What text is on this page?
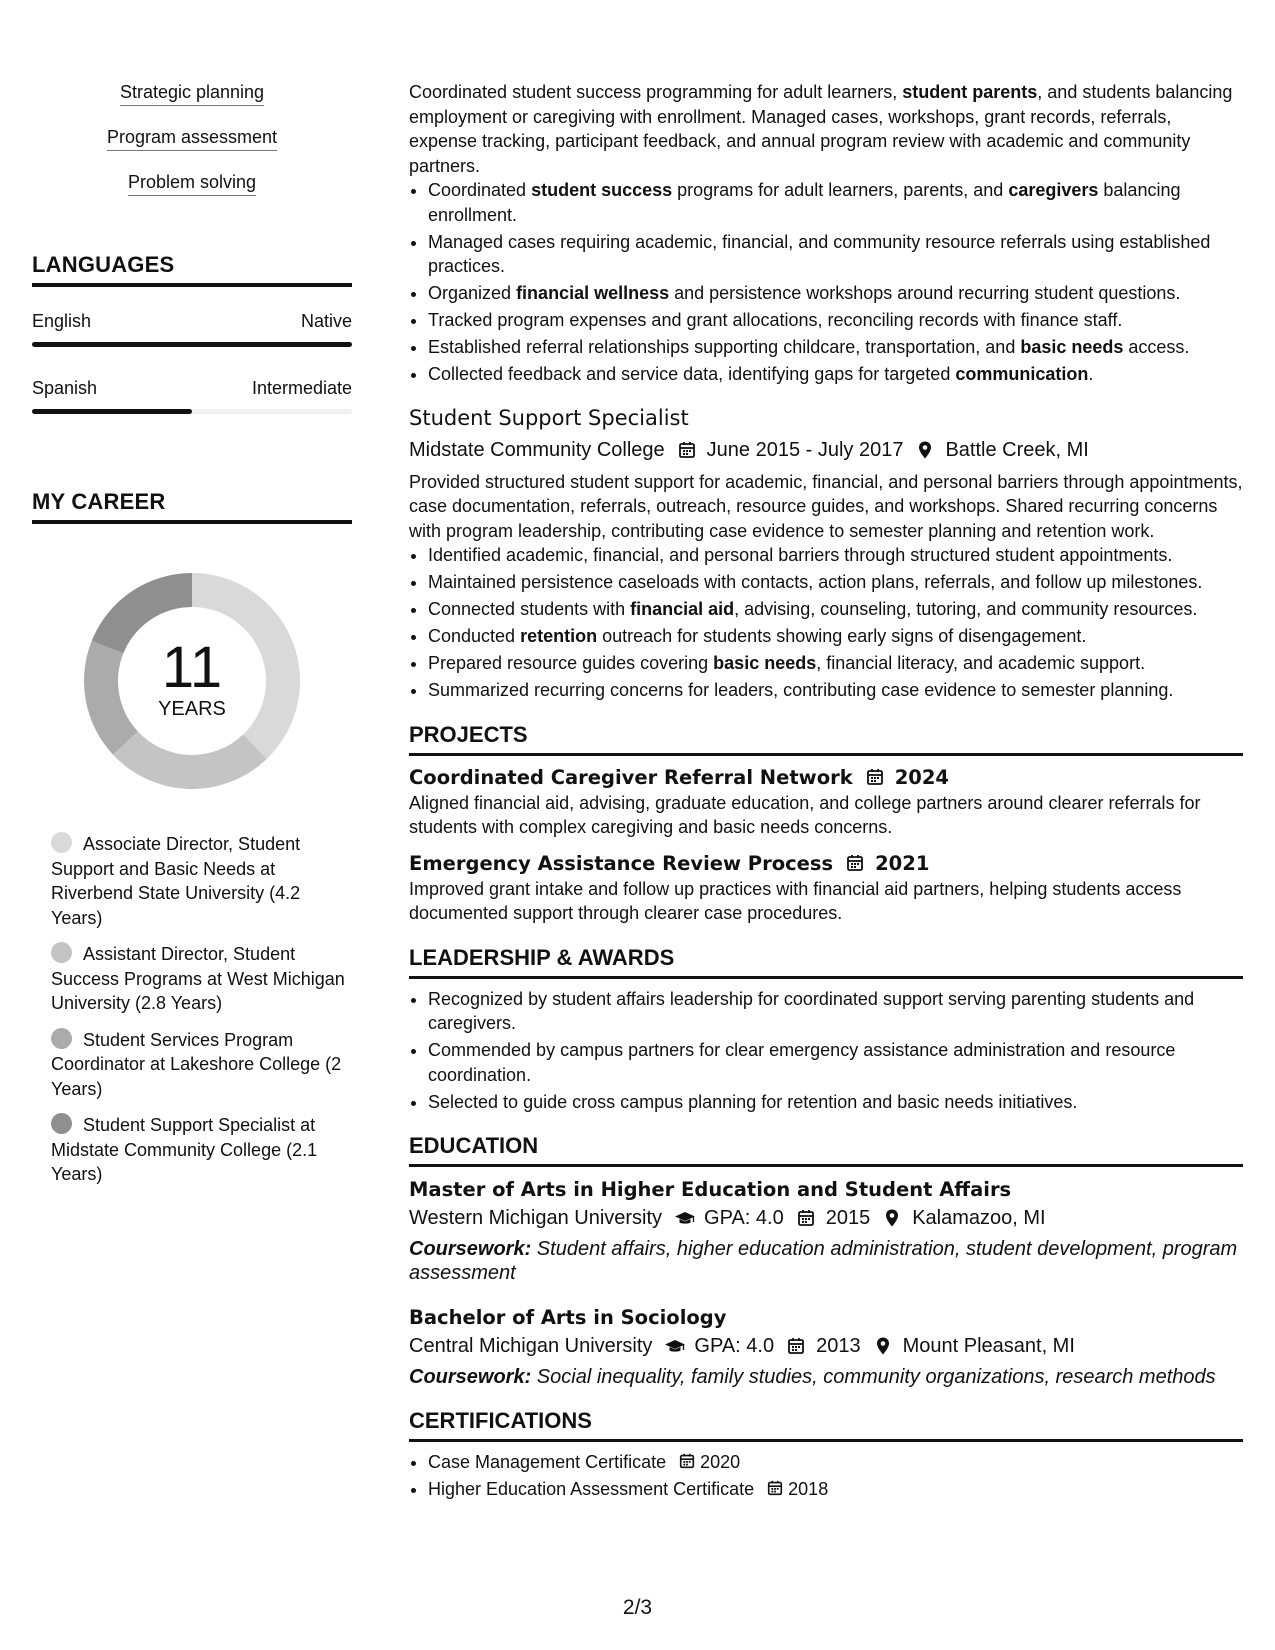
Strategic planning
Program assessment
Problem solving
LANGUAGES
English	Native
Spanish	Intermediate
MY CAREER
11
YEARS
Associate Director, Student Support and Basic Needs at Riverbend State University (4.2 Years)
Assistant Director, Student Success Programs at West Michigan University (2.8 Years)
Student Services Program Coordinator at Lakeshore College (2 Years)
Student Support Specialist at Midstate Community College (2.1 Years)

Coordinated student success programming for adult learners, student parents, and students balancing employment or caregiving with enrollment. Managed cases, workshops, grant records, referrals, expense tracking, participant feedback, and annual program review with academic and community partners.

• Coordinated student success programs for adult learners, parents, and caregivers balancing enrollment.
• Managed cases requiring academic, financial, and community resource referrals using established practices.
• Organized financial wellness and persistence workshops around recurring student questions.
• Tracked program expenses and grant allocations, reconciling records with finance staff.
• Established referral relationships supporting childcare, transportation, and basic needs access.
• Collected feedback and service data, identifying gaps for targeted communication.
Student Support Specialist
Midstate Community College June 2015 - July 2017 Battle Creek, MI

Provided structured student support for academic, financial, and personal barriers through appointments, case documentation, referrals, outreach, resource guides, and workshops. Shared recurring concerns with program leadership, contributing case evidence to semester planning and retention work.

• Identified academic, financial, and personal barriers through structured student appointments.
• Maintained persistence caseloads with contacts, action plans, referrals, and follow up milestones.
• Connected students with financial aid, advising, counseling, tutoring, and community resources.
• Conducted retention outreach for students showing early signs of disengagement.
• Prepared resource guides covering basic needs, financial literacy, and academic support.
• Summarized recurring concerns for leaders, contributing case evidence to semester planning.
PROJECTS
Coordinated Caregiver Referral Network 2024

Aligned financial aid, advising, graduate education, and college partners around clearer referrals for students with complex caregiving and basic needs concerns.

Emergency Assistance Review Process 2021

Improved grant intake and follow up practices with financial aid partners, helping students access documented support through clearer case procedures.

LEADERSHIP & AWARDS
• Recognized by student affairs leadership for coordinated support serving parenting students and caregivers.
• Commended by campus partners for clear emergency assistance administration and resource coordination.
• Selected to guide cross campus planning for retention and basic needs initiatives.
EDUCATION
Master of Arts in Higher Education and Student Affairs
Western Michigan University GPA: 4.0 2015 Kalamazoo, MI
Coursework: Student affairs, higher education administration, student development, program assessment
Bachelor of Arts in Sociology
Central Michigan University GPA: 4.0 2013 Mount Pleasant, MI
Coursework: Social inequality, family studies, community organizations, research methods
CERTIFICATIONS
• Case Management Certificate 2020
• Higher Education Assessment Certificate 2018
2/3
